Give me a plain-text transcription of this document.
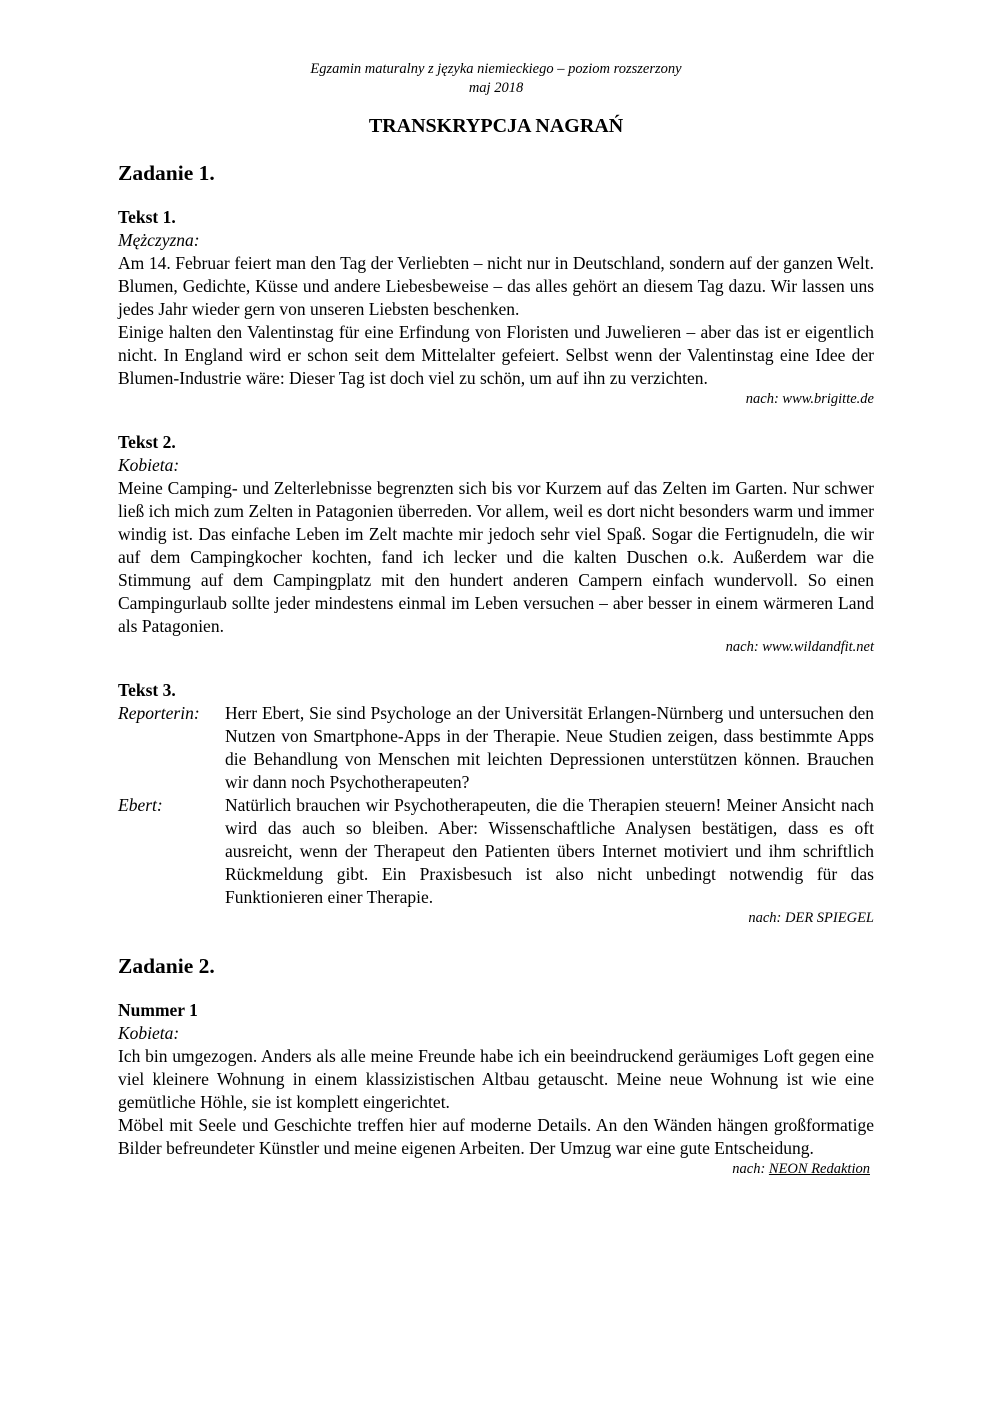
Egzamin maturalny z języka niemieckiego – poziom rozszerzony
maj 2018
TRANSKRYPCJA NAGRAŃ
Zadanie 1.
Tekst 1.
Mężczyzna:

Am 14. Februar feiert man den Tag der Verliebten – nicht nur in Deutschland, sondern auf der ganzen Welt. Blumen, Gedichte, Küsse und andere Liebesbeweise – das alles gehört an diesem Tag dazu. Wir lassen uns jedes Jahr wieder gern von unseren Liebsten beschenken.

Einige halten den Valentinstag für eine Erfindung von Floristen und Juwelieren – aber das ist er eigentlich nicht. In England wird er schon seit dem Mittelalter gefeiert. Selbst wenn der Valentinstag eine Idee der Blumen-Industrie wäre: Dieser Tag ist doch viel zu schön, um auf ihn zu verzichten.

nach: www.brigitte.de
Tekst 2.
Kobieta:

Meine Camping- und Zelterlebnisse begrenzten sich bis vor Kurzem auf das Zelten im Garten. Nur schwer ließ ich mich zum Zelten in Patagonien überreden. Vor allem, weil es dort nicht besonders warm und immer windig ist. Das einfache Leben im Zelt machte mir jedoch sehr viel Spaß. Sogar die Fertignudeln, die wir auf dem Campingkocher kochten, fand ich lecker und die kalten Duschen o.k. Außerdem war die Stimmung auf dem Campingplatz mit den hundert anderen Campern einfach wundervoll. So einen Campingurlaub sollte jeder mindestens einmal im Leben versuchen – aber besser in einem wärmeren Land als Patagonien.

nach: www.wildandfit.net
Tekst 3.
Reporterin:	Herr Ebert, Sie sind Psychologe an der Universität Erlangen-Nürnberg und untersuchen den Nutzen von Smartphone-Apps in der Therapie. Neue Studien zeigen, dass bestimmte Apps die Behandlung von Menschen mit leichten Depressionen unterstützen können. Brauchen wir dann noch Psychotherapeuten?
Ebert:	Natürlich brauchen wir Psychotherapeuten, die die Therapien steuern! Meiner Ansicht nach wird das auch so bleiben. Aber: Wissenschaftliche Analysen bestätigen, dass es oft ausreicht, wenn der Therapeut den Patienten übers Internet motiviert und ihm schriftlich Rückmeldung gibt. Ein Praxisbesuch ist also nicht unbedingt notwendig für das Funktionieren einer Therapie.
nach: DER SPIEGEL
Zadanie 2.
Nummer 1
Kobieta:

Ich bin umgezogen. Anders als alle meine Freunde habe ich ein beeindruckend geräumiges Loft gegen eine viel kleinere Wohnung in einem klassizistischen Altbau getauscht. Meine neue Wohnung ist wie eine gemütliche Höhle, sie ist komplett eingerichtet.

Möbel mit Seele und Geschichte treffen hier auf moderne Details. An den Wänden hängen großformatige Bilder befreundeter Künstler und meine eigenen Arbeiten. Der Umzug war eine gute Entscheidung.

nach: NEON Redaktion
